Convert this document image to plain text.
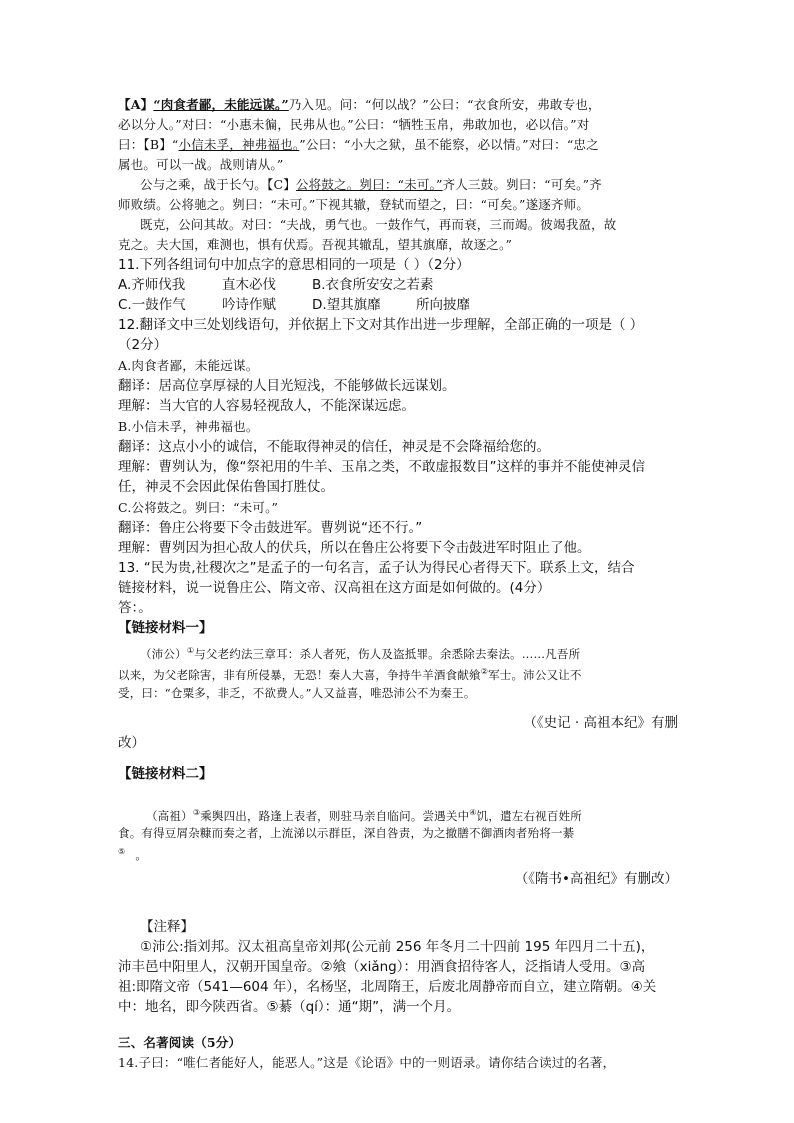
【A】“肉食者鄙，未能远谋。”乃入见。问：“何以战？”公曰：“衣食所安，弗敢专也，
必以分人。”对曰：“小惠未徧，民弗从也。”公曰：“牺牲玉帛，弗敢加也，必以信。”对
曰：【B】“小信未孚，神弗福也。”公曰：“小大之狱，虽不能察，必以情。”对曰：“忠之
属也。可以一战。战则请从。”
公与之乘，战于长勺。【C】公将鼓之。刿曰：“未可。”齐人三鼓。刿曰：“可矣。”齐
师败绩。公将驰之。刿曰：“未可。”下视其辙，登轼而望之，曰：“可矣。”遂逐齐师。
既克，公问其故。对曰：“夫战，勇气也。一鼓作气，再而衰，三而竭。彼竭我盈，故
克之。夫大国，难测也，惧有伏焉。吾视其辙乱，望其旗靡，故逐之。”
11.下列各组词句中加点字的意思相同的一项是（ ）（2分）
A.齐师伐我	直木必伐	B.衣食所安安之若素
C.一鼓作气	吟诗作赋	D.望其旗靡	所向披靡
12.翻译文中三处划线语句，并依据上下文对其作出进一步理解，全部正确的一项是（ ）
（2分）
A.肉食者鄙，未能远谋。
翻译：居高位享厚禄的人目光短浅，不能够做长远谋划。
理解：当大官的人容易轻视敌人，不能深谋远虑。
B.小信未孚，神弗福也。
翻译：这点小小的诚信，不能取得神灵的信任，神灵是不会降福给您的。
理解：曹刿认为，像“祭祀用的牛羊、玉帛之类，不敢虚报数目”这样的事并不能使神灵信
任，神灵不会因此保佑鲁国打胜仗。
C.公将鼓之。刿曰：“未可。”
翻译：鲁庄公将要下令击鼓进军。曹刿说“还不行。”
理解：曹刿因为担心敌人的伏兵，所以在鲁庄公将要下令击鼓进军时阻止了他。
13. “民为贵,社稷次之”是孟子的一句名言，孟子认为得民心者得天下。联系上文，结合
链接材料，说一说鲁庄公、隋文帝、汉高祖在这方面是如何做的。(4分）
答：。
【链接材料一】
（沛公）①与父老约法三章耳：杀人者死，伤人及盗抵罪。余悉除去秦法。……凡吾所
以来，为父老除害，非有所侵暴，无恐！秦人大喜，争持牛羊酒食献飨②军士。沛公又让不
受，曰：“仓粟多，非乏，不欲费人。”人又益喜，唯恐沛公不为秦王。
（《史记 · 高祖本纪》有删
改）
【链接材料二】
（高祖）③乘舆四出，路逢上表者，则驻马亲自临问。尝遇关中④饥，遣左右视百姓所
食。有得豆屑杂糠而奏之者，上流涕以示群臣，深自咎责，为之撤膳不御酒肉者殆将一綦
⑤ 。
（《隋书•高祖纪》有删改）
【注释】
①沛公:指刘邦。汉太祖高皇帝刘邦(公元前 256 年冬月二十四前 195 年四月二十五)，
沛丰邑中阳里人，汉朝开国皇帝。②飨（xiǎng）：用酒食招待客人，泛指请人受用。③高
祖:即隋文帝（541—604 年），名杨坚，北周隋王，后废北周静帝而自立，建立隋朝。④关
中：地名，即今陕西省。⑤綦（qí）：通“期”，满一个月。
三、名著阅读（5分）
14.子曰：“唯仁者能好人，能恶人。”这是《论语》中的一则语录。请你结合读过的名著，
